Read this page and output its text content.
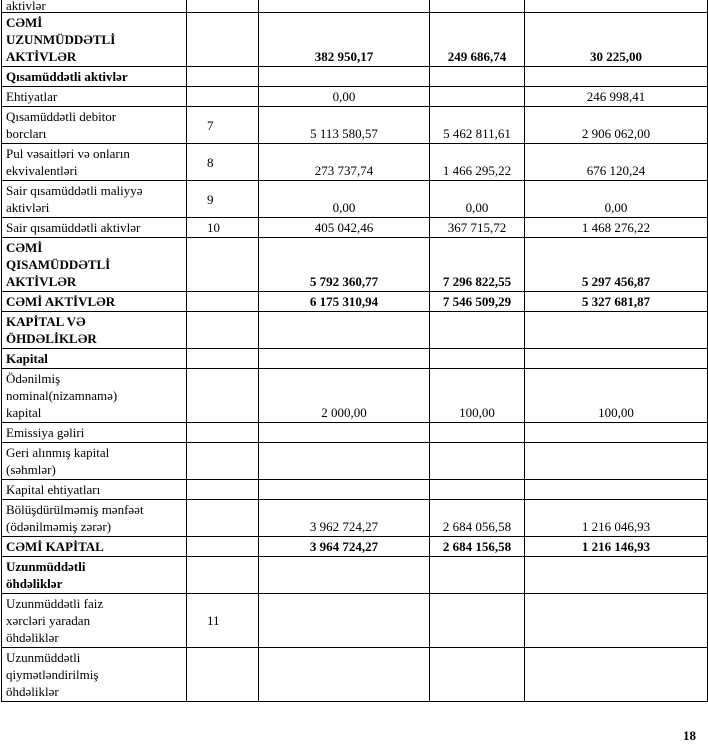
aktivlər				
CƏMİ
UZUNMÜDDƏTLİ
AKTİVLƏR		382 950,17	249 686,74	30 225,00
Qısamüddətli aktivlər				
Ehtiyatlar		0,00		246 998,41
Qısamüddətli debitor
borcları	7	5 113 580,57	5 462 811,61	2 906 062,00
Pul vəsaitləri və onların
ekvivalentləri	8	273 737,74	1 466 295,22	676 120,24
Sair qısamüddətli maliyyə
aktivləri	9	0,00	0,00	0,00
Sair qısamüddətli aktivlər	10	405 042,46	367 715,72	1 468 276,22
CƏMİ
QISAMÜDDƏTLİ
AKTİVLƏR		5 792 360,77	7 296 822,55	5 297 456,87
CƏMİ AKTİVLƏR		6 175 310,94	7 546 509,29	5 327 681,87
KAPİTAL VƏ
ÖHDƏLİKLƏR				
Kapital				
Ödənilmiş
nominal(nizamnamə)
kapital		2 000,00	100,00	100,00
Emissiya gəliri				
Geri alınmış kapital
(səhmlər)				
Kapital ehtiyatları				
Bölüşdürülməmiş mənfəət
(ödənilməmiş zərər)		3 962 724,27	2 684 056,58	1 216 046,93
CƏMİ KAPİTAL		3 964 724,27	2 684 156,58	1 216 146,93
Uzunmüddətli
öhdəliklər				
Uzunmüddətli faiz
xərcləri yaradan
öhdəliklər	11			
Uzunmüddətli
qiymətləndirilmiş
öhdəliklər				
18
